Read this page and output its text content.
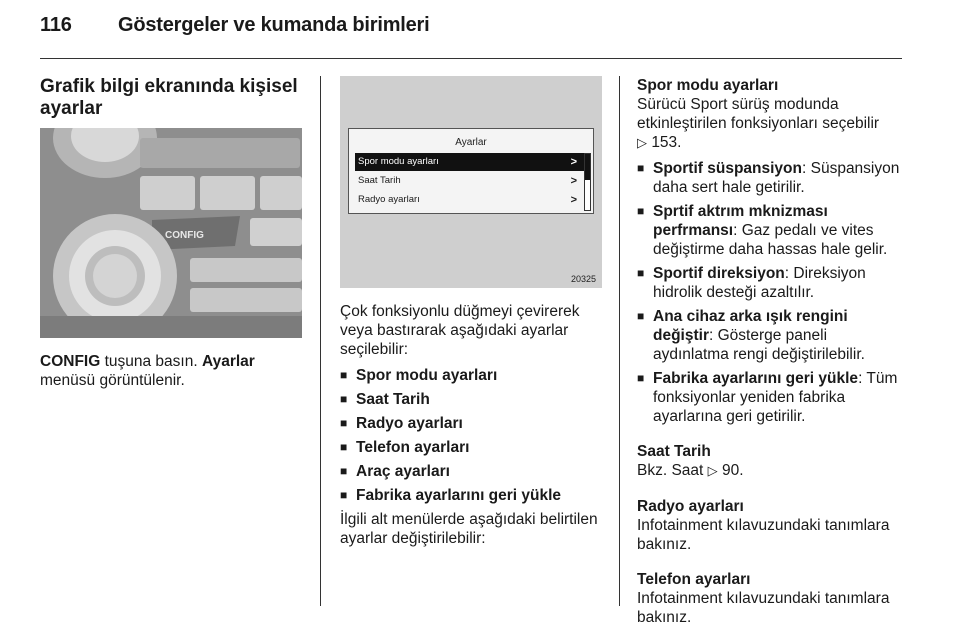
116 Göstergeler ve kumanda birimleri
Grafik bilgi ekranında kişisel ayarlar
CONFIG
CONFIG tuşuna basın. Ayarlar menüsü görüntülenir.
Ayarlar
Spor modu ayarları	>
Saat Tarih	>
Radyo ayarları	>
20325
Çok fonksiyonlu düğmeyi çevirerek veya bastırarak aşağıdaki ayarlar seçilebilir:
■ Spor modu ayarları
■ Saat Tarih
■ Radyo ayarları
■ Telefon ayarları
■ Araç ayarları
■ Fabrika ayarlarını geri yükle
İlgili alt menülerde aşağıdaki belirtilen ayarlar değiştirilebilir:
Spor modu ayarları
Sürücü Sport sürüş modunda etkinleştirilen fonksiyonları seçebilir
▷ 153.
■ Sportif süspansiyon: Süspansiyon daha sert hale getirilir.
■ Sprtif aktrım mknizması perfrmansı: Gaz pedalı ve vites değiştirme daha hassas hale gelir.
■ Sportif direksiyon: Direksiyon hidrolik desteği azaltılır.
■ Ana cihaz arka ışık rengini değiştir: Gösterge paneli aydınlatma rengi değiştirilebilir.
■ Fabrika ayarlarını geri yükle: Tüm fonksiyonlar yeniden fabrika ayarlarına geri getirilir.
Saat Tarih
Bkz. Saat ▷ 90.
Radyo ayarları
Infotainment kılavuzundaki tanımlara bakınız.
Telefon ayarları
Infotainment kılavuzundaki tanımlara bakınız.
